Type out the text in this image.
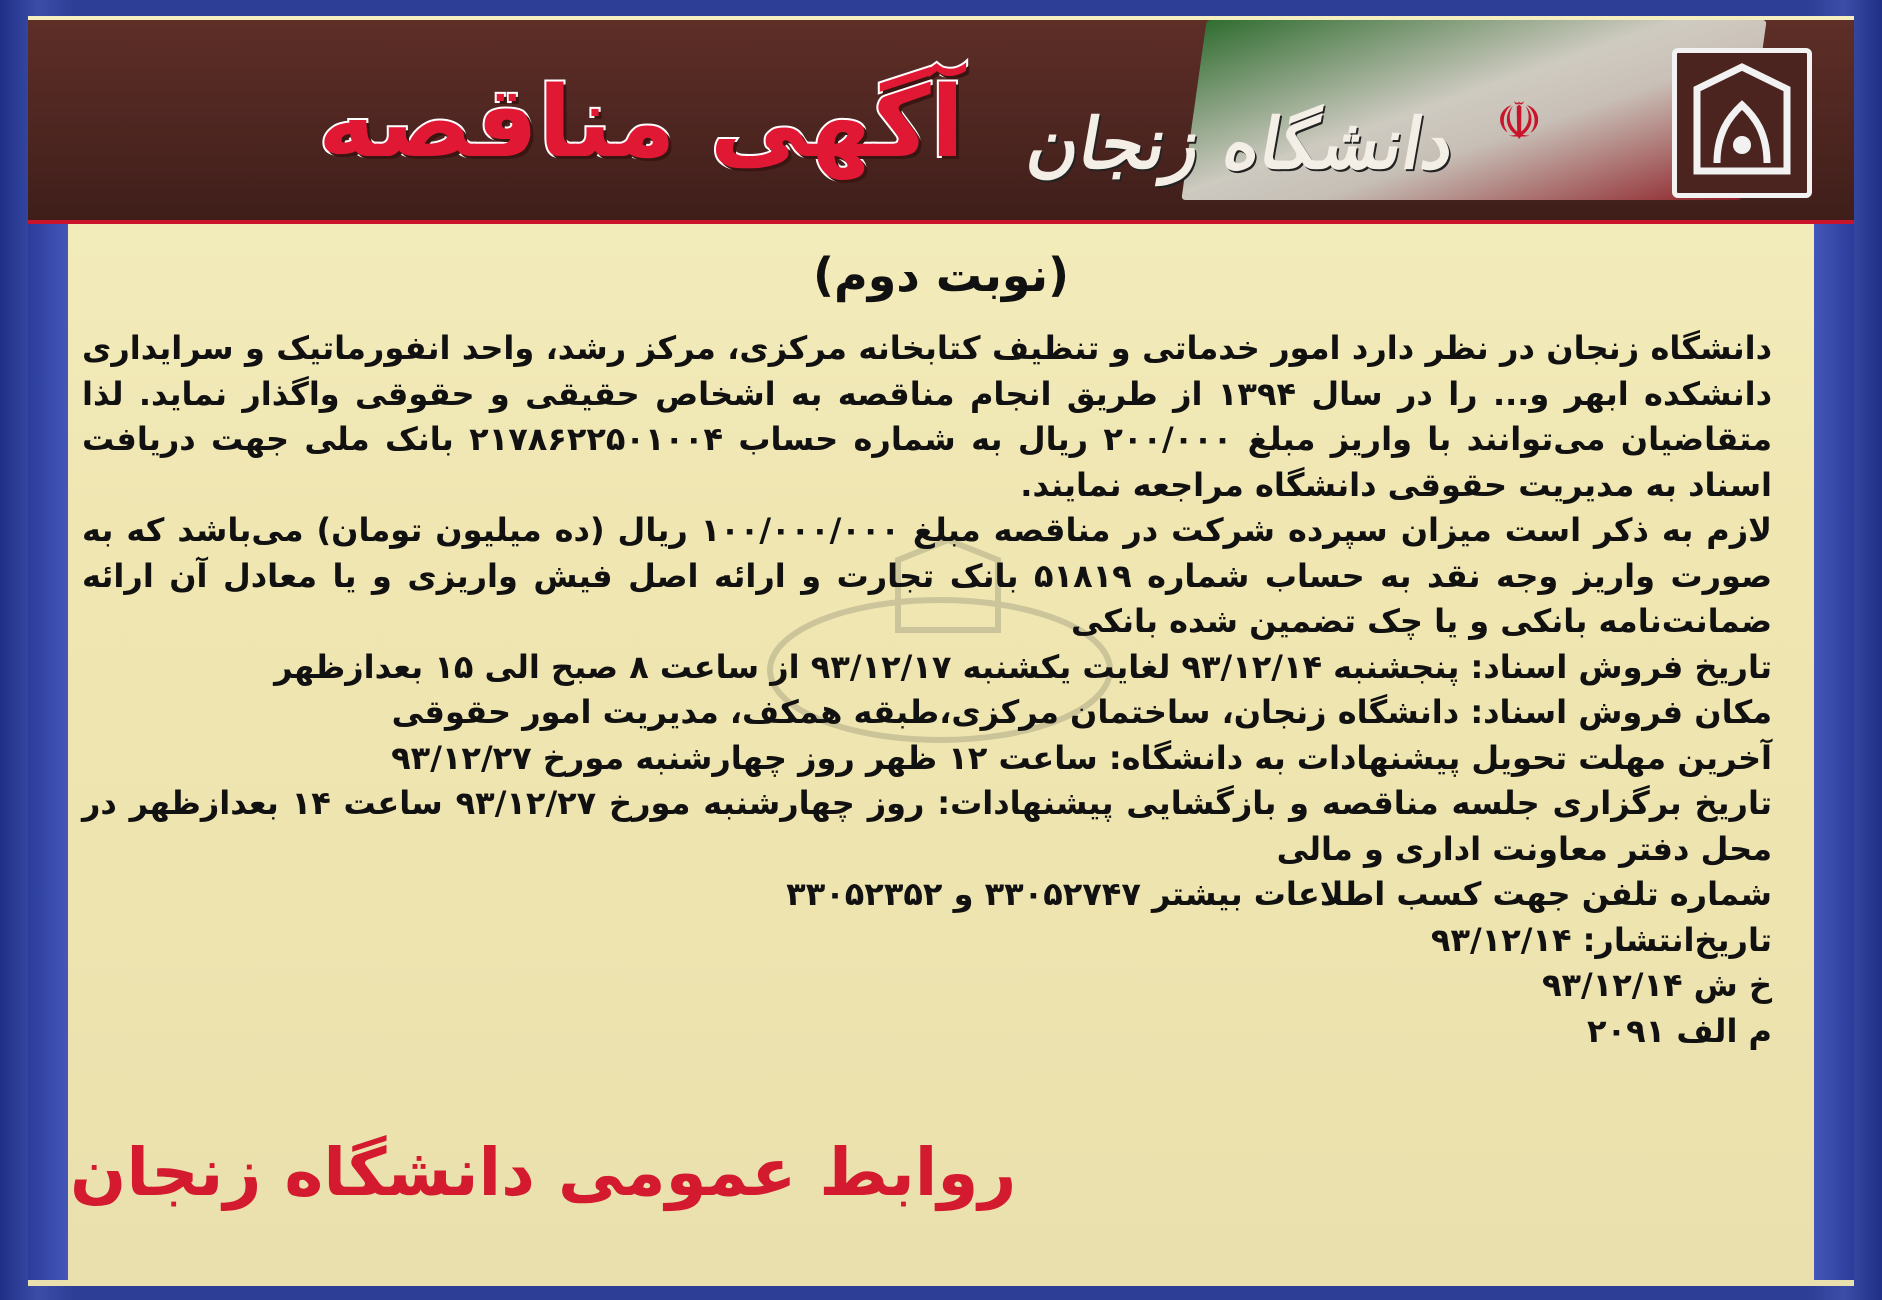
☫
دانشگاه زنجان
آگهی مناقصه
(نوبت دوم)

دانشگاه زنجان در نظر دارد امور خدماتی و تنظیف کتابخانه مرکزی، مرکز رشد، واحد انفورماتیک و سرایداری دانشکده ابهر و... را در سال ۱۳۹۴ از طریق انجام مناقصه به اشخاص حقیقی و حقوقی واگذار نماید. لذا متقاضیان می‌توانند با واریز مبلغ ۲۰۰/۰۰۰ ریال به شماره حساب ۲۱۷۸۶۲۲۵۰۱۰۰۴ بانک ملی جهت دریافت اسناد به مدیریت حقوقی دانشگاه مراجعه نمایند.

لازم به ذکر است میزان سپرده شرکت در مناقصه مبلغ ۱۰۰/۰۰۰/۰۰۰ ریال (ده میلیون تومان) می‌باشد که به صورت واریز وجه نقد به حساب شماره ۵۱۸۱۹ بانک تجارت و ارائه اصل فیش واریزی و یا معادل آن ارائه ضمانت‌نامه بانکی و یا چک تضمین شده بانکی

تاریخ فروش اسناد: پنجشنبه ۹۳/۱۲/۱۴ لغایت یکشنبه ۹۳/۱۲/۱۷ از ساعت ۸ صبح الی ۱۵ بعدازظهر

مکان فروش اسناد: دانشگاه زنجان، ساختمان مرکزی،طبقه همکف، مدیریت امور حقوقی

آخرین مهلت تحویل پیشنهادات به دانشگاه: ساعت ۱۲ ظهر روز چهارشنبه مورخ ۹۳/۱۲/۲۷

تاریخ برگزاری جلسه مناقصه و بازگشایی پیشنهادات: روز چهارشنبه مورخ ۹۳/۱۲/۲۷ ساعت ۱۴ بعدازظهر در محل دفتر معاونت اداری و مالی

شماره تلفن جهت کسب اطلاعات بیشتر ۳۳۰۵۲۷۴۷ و ۳۳۰۵۲۳۵۲

تاریخ‌انتشار: ۹۳/۱۲/۱۴

خ ش ۹۳/۱۲/۱۴

م الف ۲۰۹۱

روابط عمومی دانشگاه زنجان
